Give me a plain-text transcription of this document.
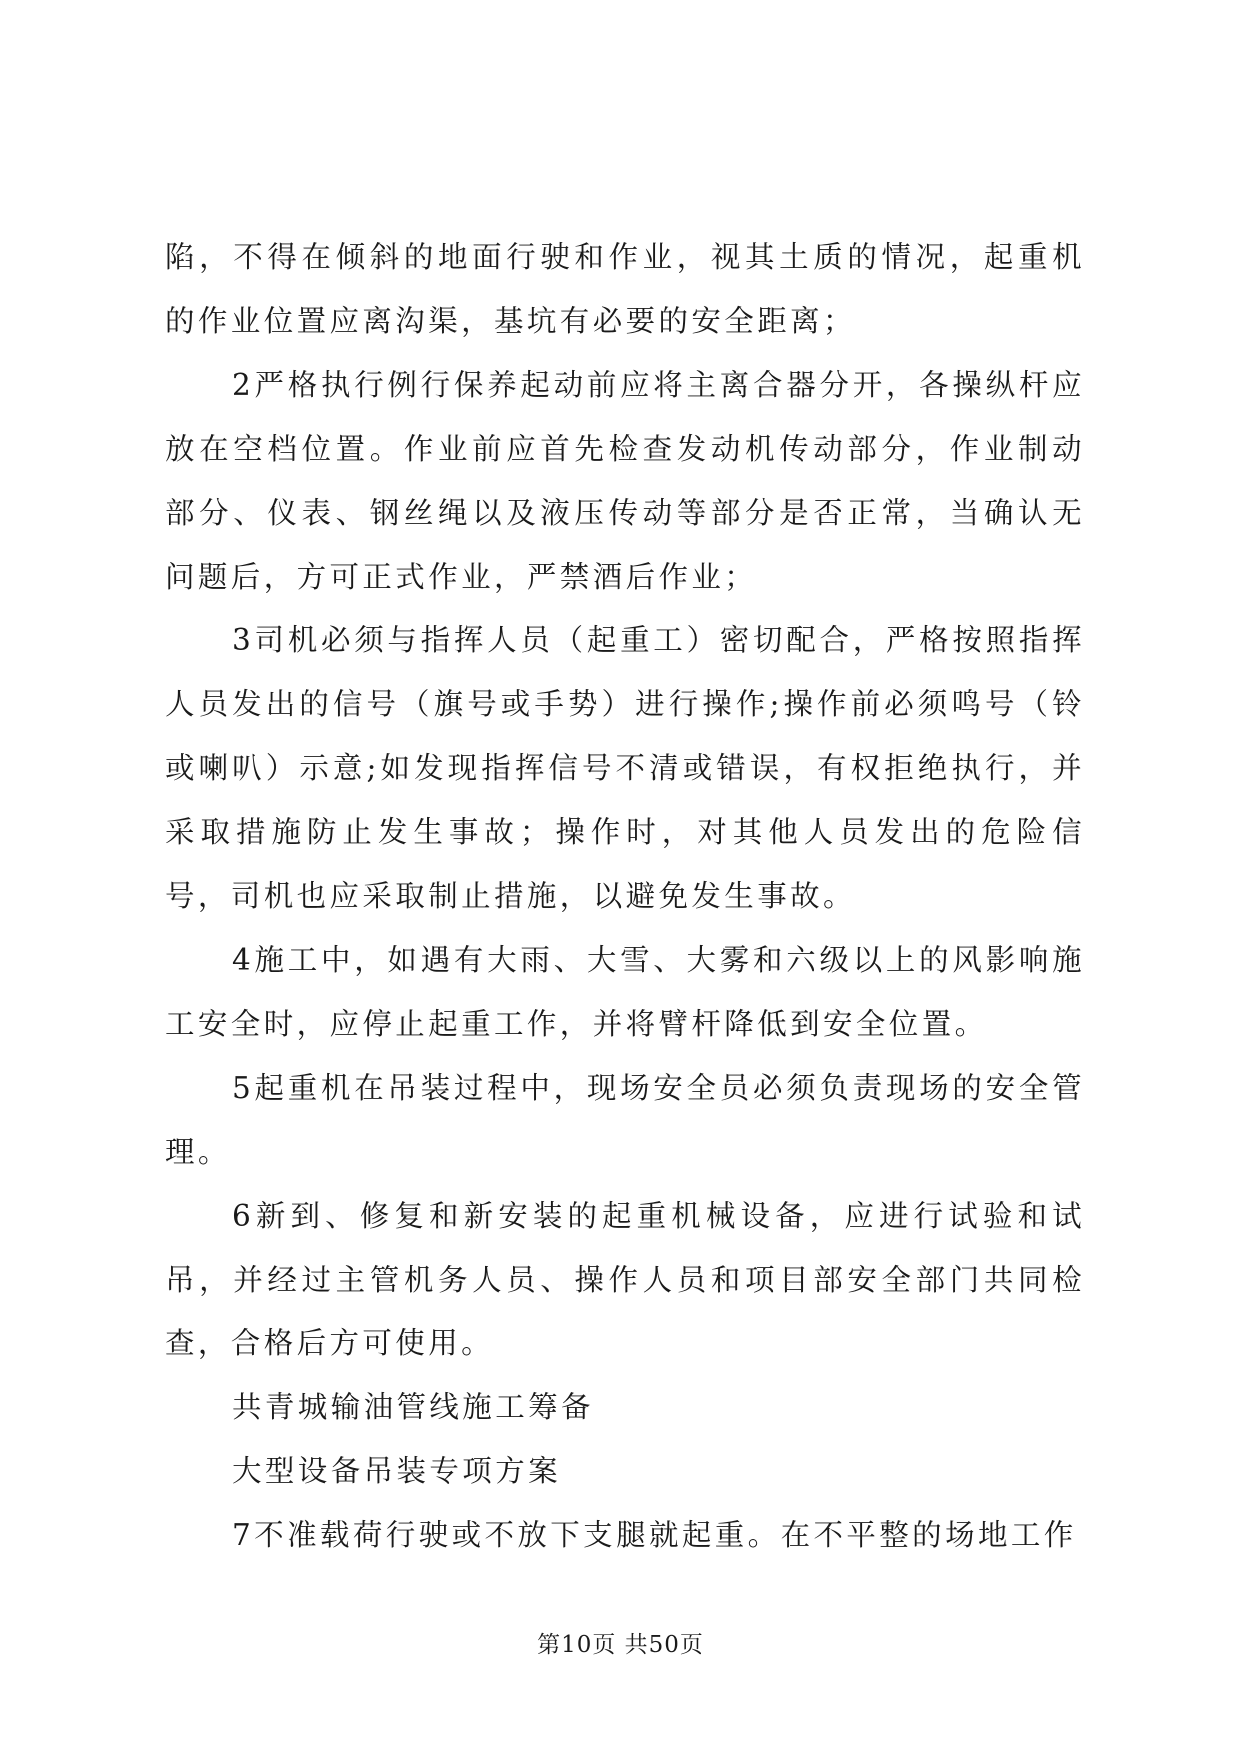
陷，不得在倾斜的地面行驶和作业，视其土质的情况，起重机的作业位置应离沟渠，基坑有必要的安全距离；

2严格执行例行保养起动前应将主离合器分开，各操纵杆应放在空档位置。作业前应首先检查发动机传动部分，作业制动部分、仪表、钢丝绳以及液压传动等部分是否正常，当确认无问题后，方可正式作业，严禁酒后作业；

3司机必须与指挥人员（起重工）密切配合，严格按照指挥人员发出的信号（旗号或手势）进行操作;操作前必须鸣号（铃或喇叭）示意;如发现指挥信号不清或错误，有权拒绝执行，并采取措施防止发生事故；操作时，对其他人员发出的危险信号，司机也应采取制止措施，以避免发生事故。

4施工中，如遇有大雨、大雪、大雾和六级以上的风影响施工安全时，应停止起重工作，并将臂杆降低到安全位置。

5起重机在吊装过程中，现场安全员必须负责现场的安全管理。

6新到、修复和新安装的起重机械设备，应进行试验和试吊，并经过主管机务人员、操作人员和项目部安全部门共同检查，合格后方可使用。

共青城输油管线施工筹备

大型设备吊装专项方案

7不准载荷行驶或不放下支腿就起重。在不平整的场地工作

第10页 共50页
